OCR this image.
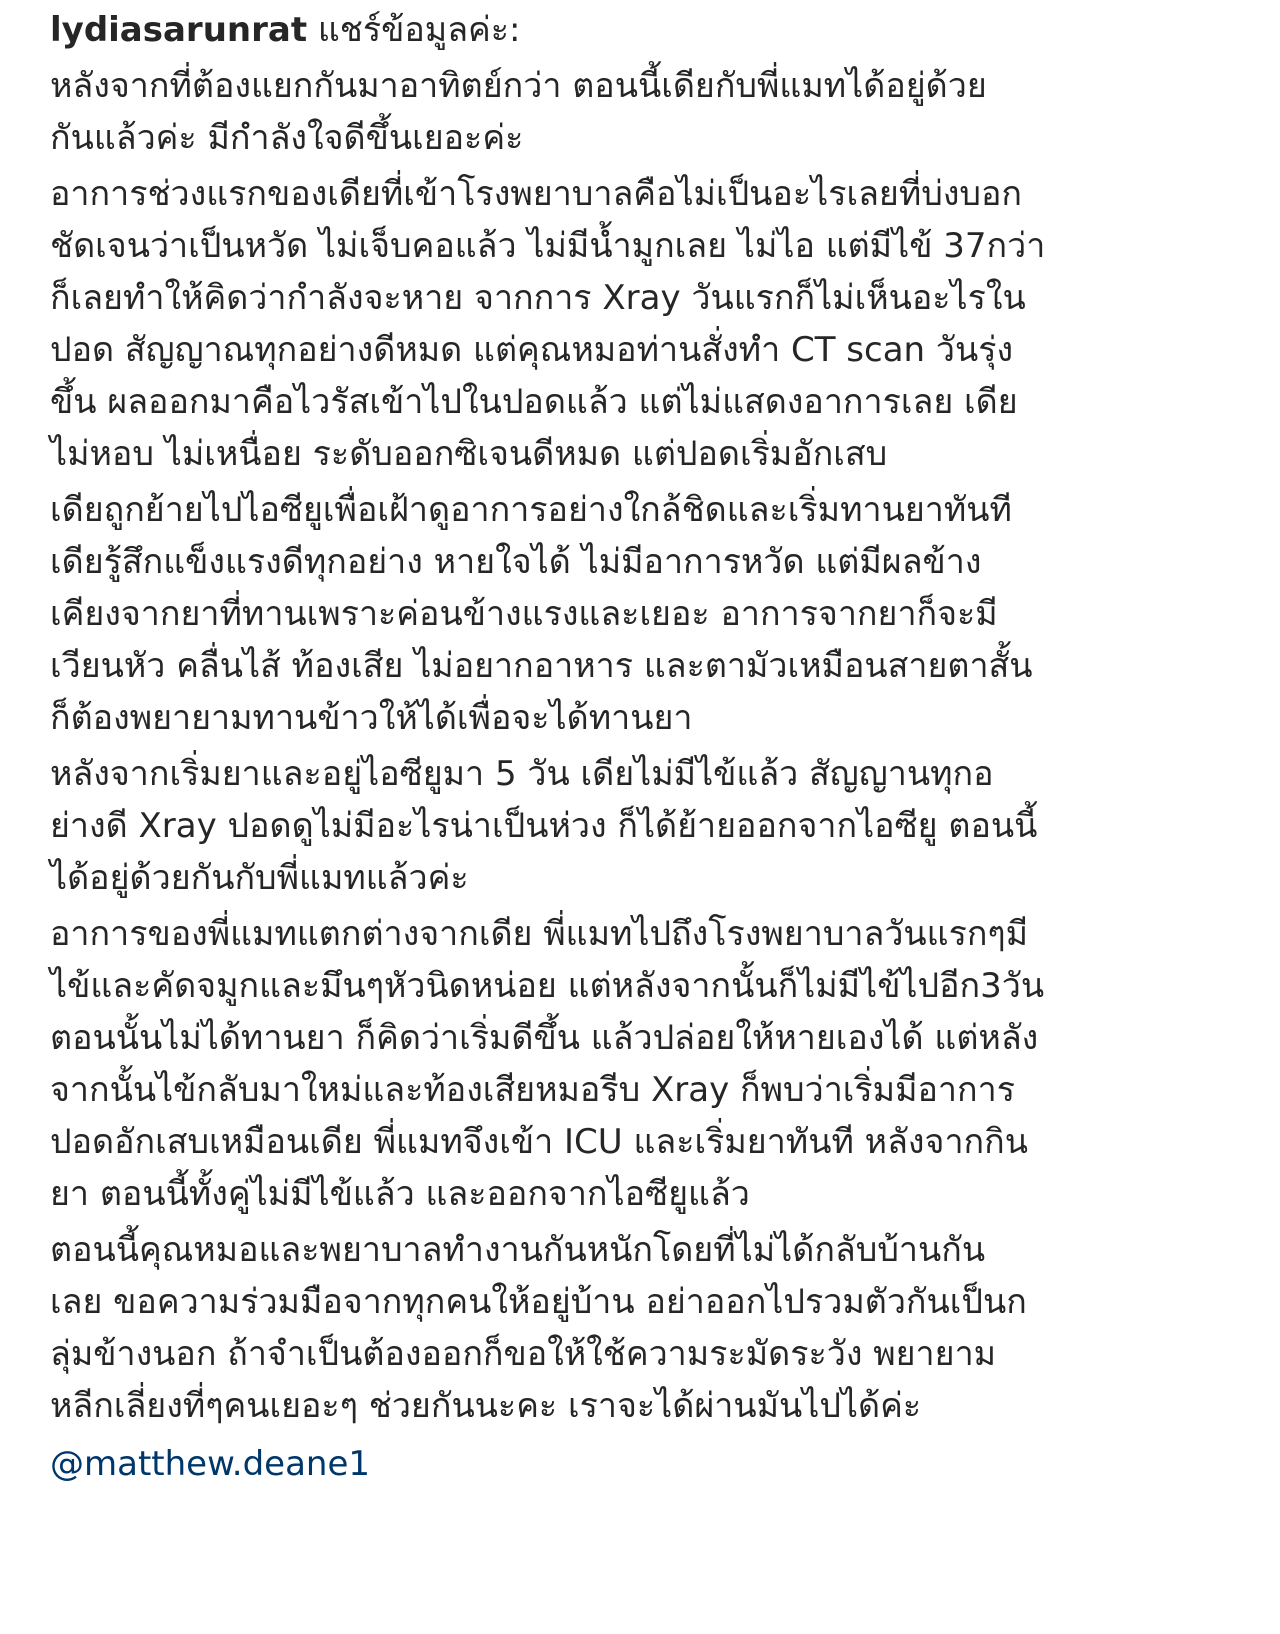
lydiasarunrat แชร์ข้อมูลค่ะ:
หลังจากที่ต้องแยกกันมาอาทิตย์กว่า ตอนนี้เดียกับพี่แมทได้อยู่ด้วย
กันแล้วค่ะ มีกำลังใจดีขึ้นเยอะค่ะ
อาการช่วงแรกของเดียที่เข้าโรงพยาบาลคือไม่เป็นอะไรเลยที่บ่งบอก
ชัดเจนว่าเป็นหวัด ไม่เจ็บคอแล้ว ไม่มีน้ำมูกเลย ไม่ไอ แต่มีไข้ 37กว่า
ก็เลยทำให้คิดว่ากำลังจะหาย จากการ Xray วันแรกก็ไม่เห็นอะไรใน
ปอด สัญญาณทุกอย่างดีหมด แต่คุณหมอท่านสั่งทำ CT scan วันรุ่ง
ขึ้น ผลออกมาคือไวรัสเข้าไปในปอดแล้ว แต่ไม่แสดงอาการเลย เดีย
ไม่หอบ ไม่เหนื่อย ระดับออกซิเจนดีหมด แต่ปอดเริ่มอักเสบ
เดียถูกย้ายไปไอซียูเพื่อเฝ้าดูอาการอย่างใกล้ชิดและเริ่มทานยาทันที
เดียรู้สึกแข็งแรงดีทุกอย่าง หายใจได้ ไม่มีอาการหวัด แต่มีผลข้าง
เคียงจากยาที่ทานเพราะค่อนข้างแรงและเยอะ อาการจากยาก็จะมี
เวียนหัว คลื่นไส้ ท้องเสีย ไม่อยากอาหาร และตามัวเหมือนสายตาสั้น
ก็ต้องพยายามทานข้าวให้ได้เพื่อจะได้ทานยา
หลังจากเริ่มยาและอยู่ไอซียูมา 5 วัน เดียไม่มีไข้แล้ว สัญญานทุกอ
ย่างดี Xray ปอดดูไม่มีอะไรน่าเป็นห่วง ก็ได้ย้ายออกจากไอซียู ตอนนี้
ได้อยู่ด้วยกันกับพี่แมทแล้วค่ะ
อาการของพี่แมทแตกต่างจากเดีย พี่แมทไปถึงโรงพยาบาลวันแรกๆมี
ไข้และคัดจมูกและมึนๆหัวนิดหน่อย แต่หลังจากนั้นก็ไม่มีไข้ไปอีก3วัน
ตอนนั้นไม่ได้ทานยา ก็คิดว่าเริ่มดีขึ้น แล้วปล่อยให้หายเองได้ แต่หลัง
จากนั้นไข้กลับมาใหม่และท้องเสียหมอรีบ Xray ก็พบว่าเริ่มมีอาการ
ปอดอักเสบเหมือนเดีย พี่แมทจึงเข้า ICU และเริ่มยาทันที หลังจากกิน
ยา ตอนนี้ทั้งคู่ไม่มีไข้แล้ว และออกจากไอซียูแล้ว
ตอนนี้คุณหมอและพยาบาลทำงานกันหนักโดยที่ไม่ได้กลับบ้านกัน
เลย ขอความร่วมมือจากทุกคนให้อยู่บ้าน อย่าออกไปรวมตัวกันเป็นก
ลุ่มข้างนอก ถ้าจำเป็นต้องออกก็ขอให้ใช้ความระมัดระวัง พยายาม
หลีกเลี่ยงที่ๆคนเยอะๆ ช่วยกันนะคะ เราจะได้ผ่านมันไปได้ค่ะ
@matthew.deane1
